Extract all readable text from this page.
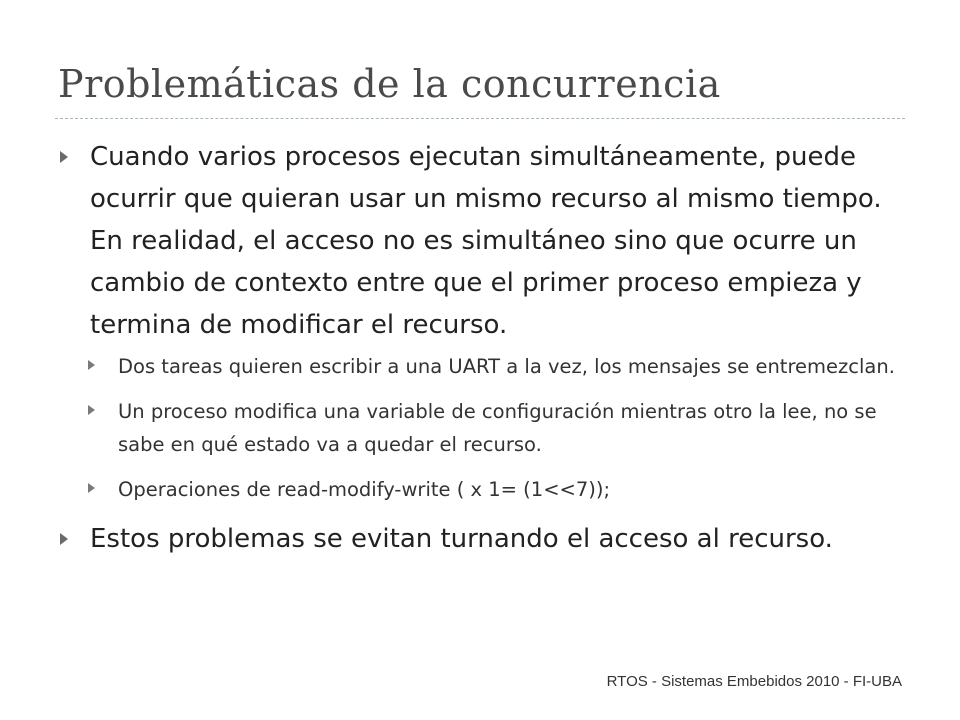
Problemáticas de la concurrencia
Cuando varios procesos ejecutan simultáneamente, puede ocurrir que quieran usar un mismo recurso al mismo tiempo. En realidad, el acceso no es simultáneo sino que ocurre un cambio de contexto entre que el primer proceso empieza y termina de modificar el recurso.
Dos tareas quieren escribir a una UART a la vez, los mensajes se entremezclan.
Un proceso modifica una variable de configuración mientras otro la lee, no se sabe en qué estado va a quedar el recurso.
Operaciones de read-modify-write ( x 1= (1<<7));
Estos problemas se evitan turnando el acceso al recurso.
RTOS - Sistemas Embebidos 2010 - FI-UBA
